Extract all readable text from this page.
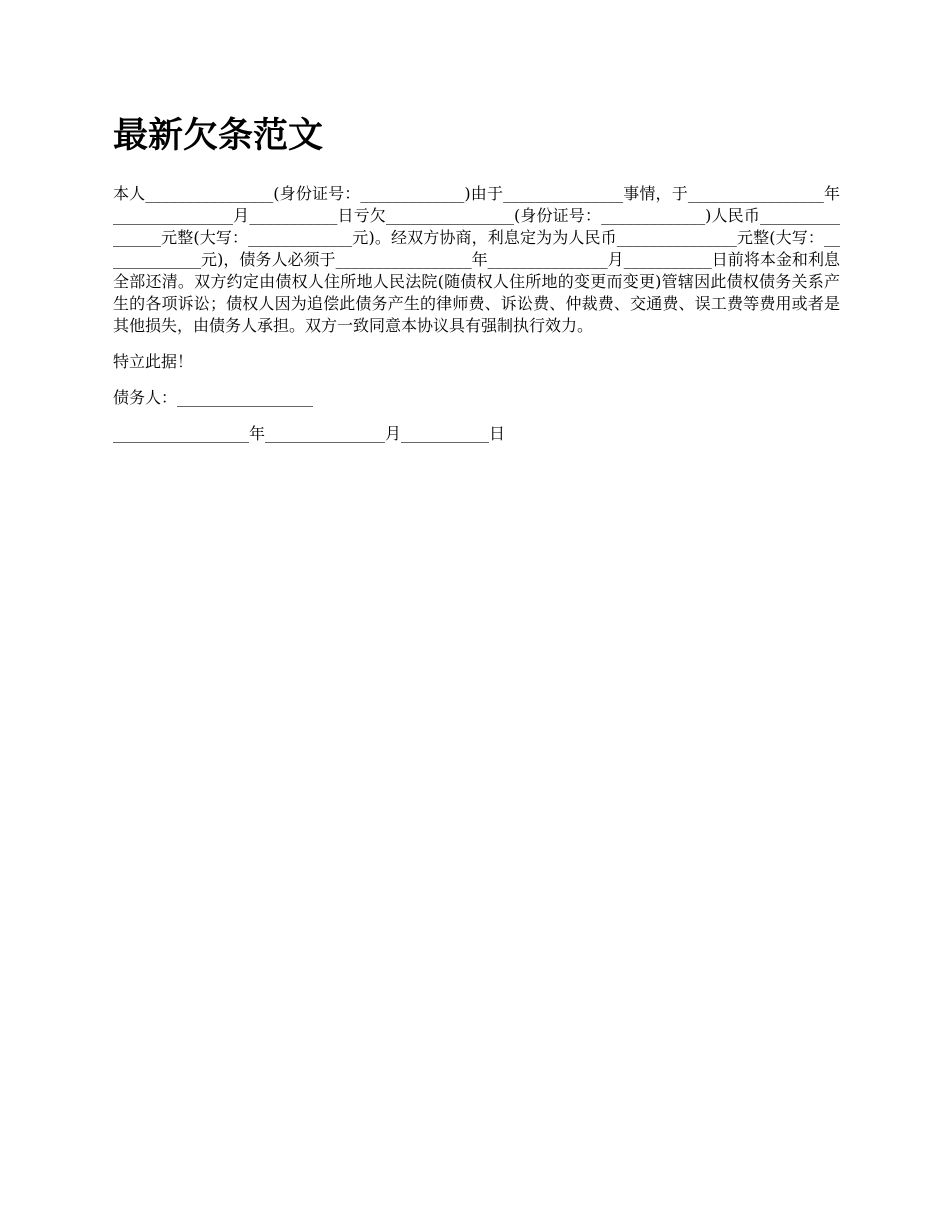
最新欠条范文

本人________________(身份证号：_____________)由于_______________事情，于_________________年_______________月___________日亏欠________________(身份证号：_____________)人民币________________元整(大写：_____________元)。经双方协商，利息定为为人民币_______________元整(大写：_____________元)，债务人必须于_________________年_______________月___________日前将本金和利息全部还清。双方约定由债权人住所地人民法院(随债权人住所地的变更而变更)管辖因此债权债务关系产生的各项诉讼；债权人因为追偿此债务产生的律师费、诉讼费、仲裁费、交通费、误工费等费用或者是其他损失，由债务人承担。双方一致同意本协议具有强制执行效力。

特立此据！

债务人：_________________

_________________年_______________月___________日
